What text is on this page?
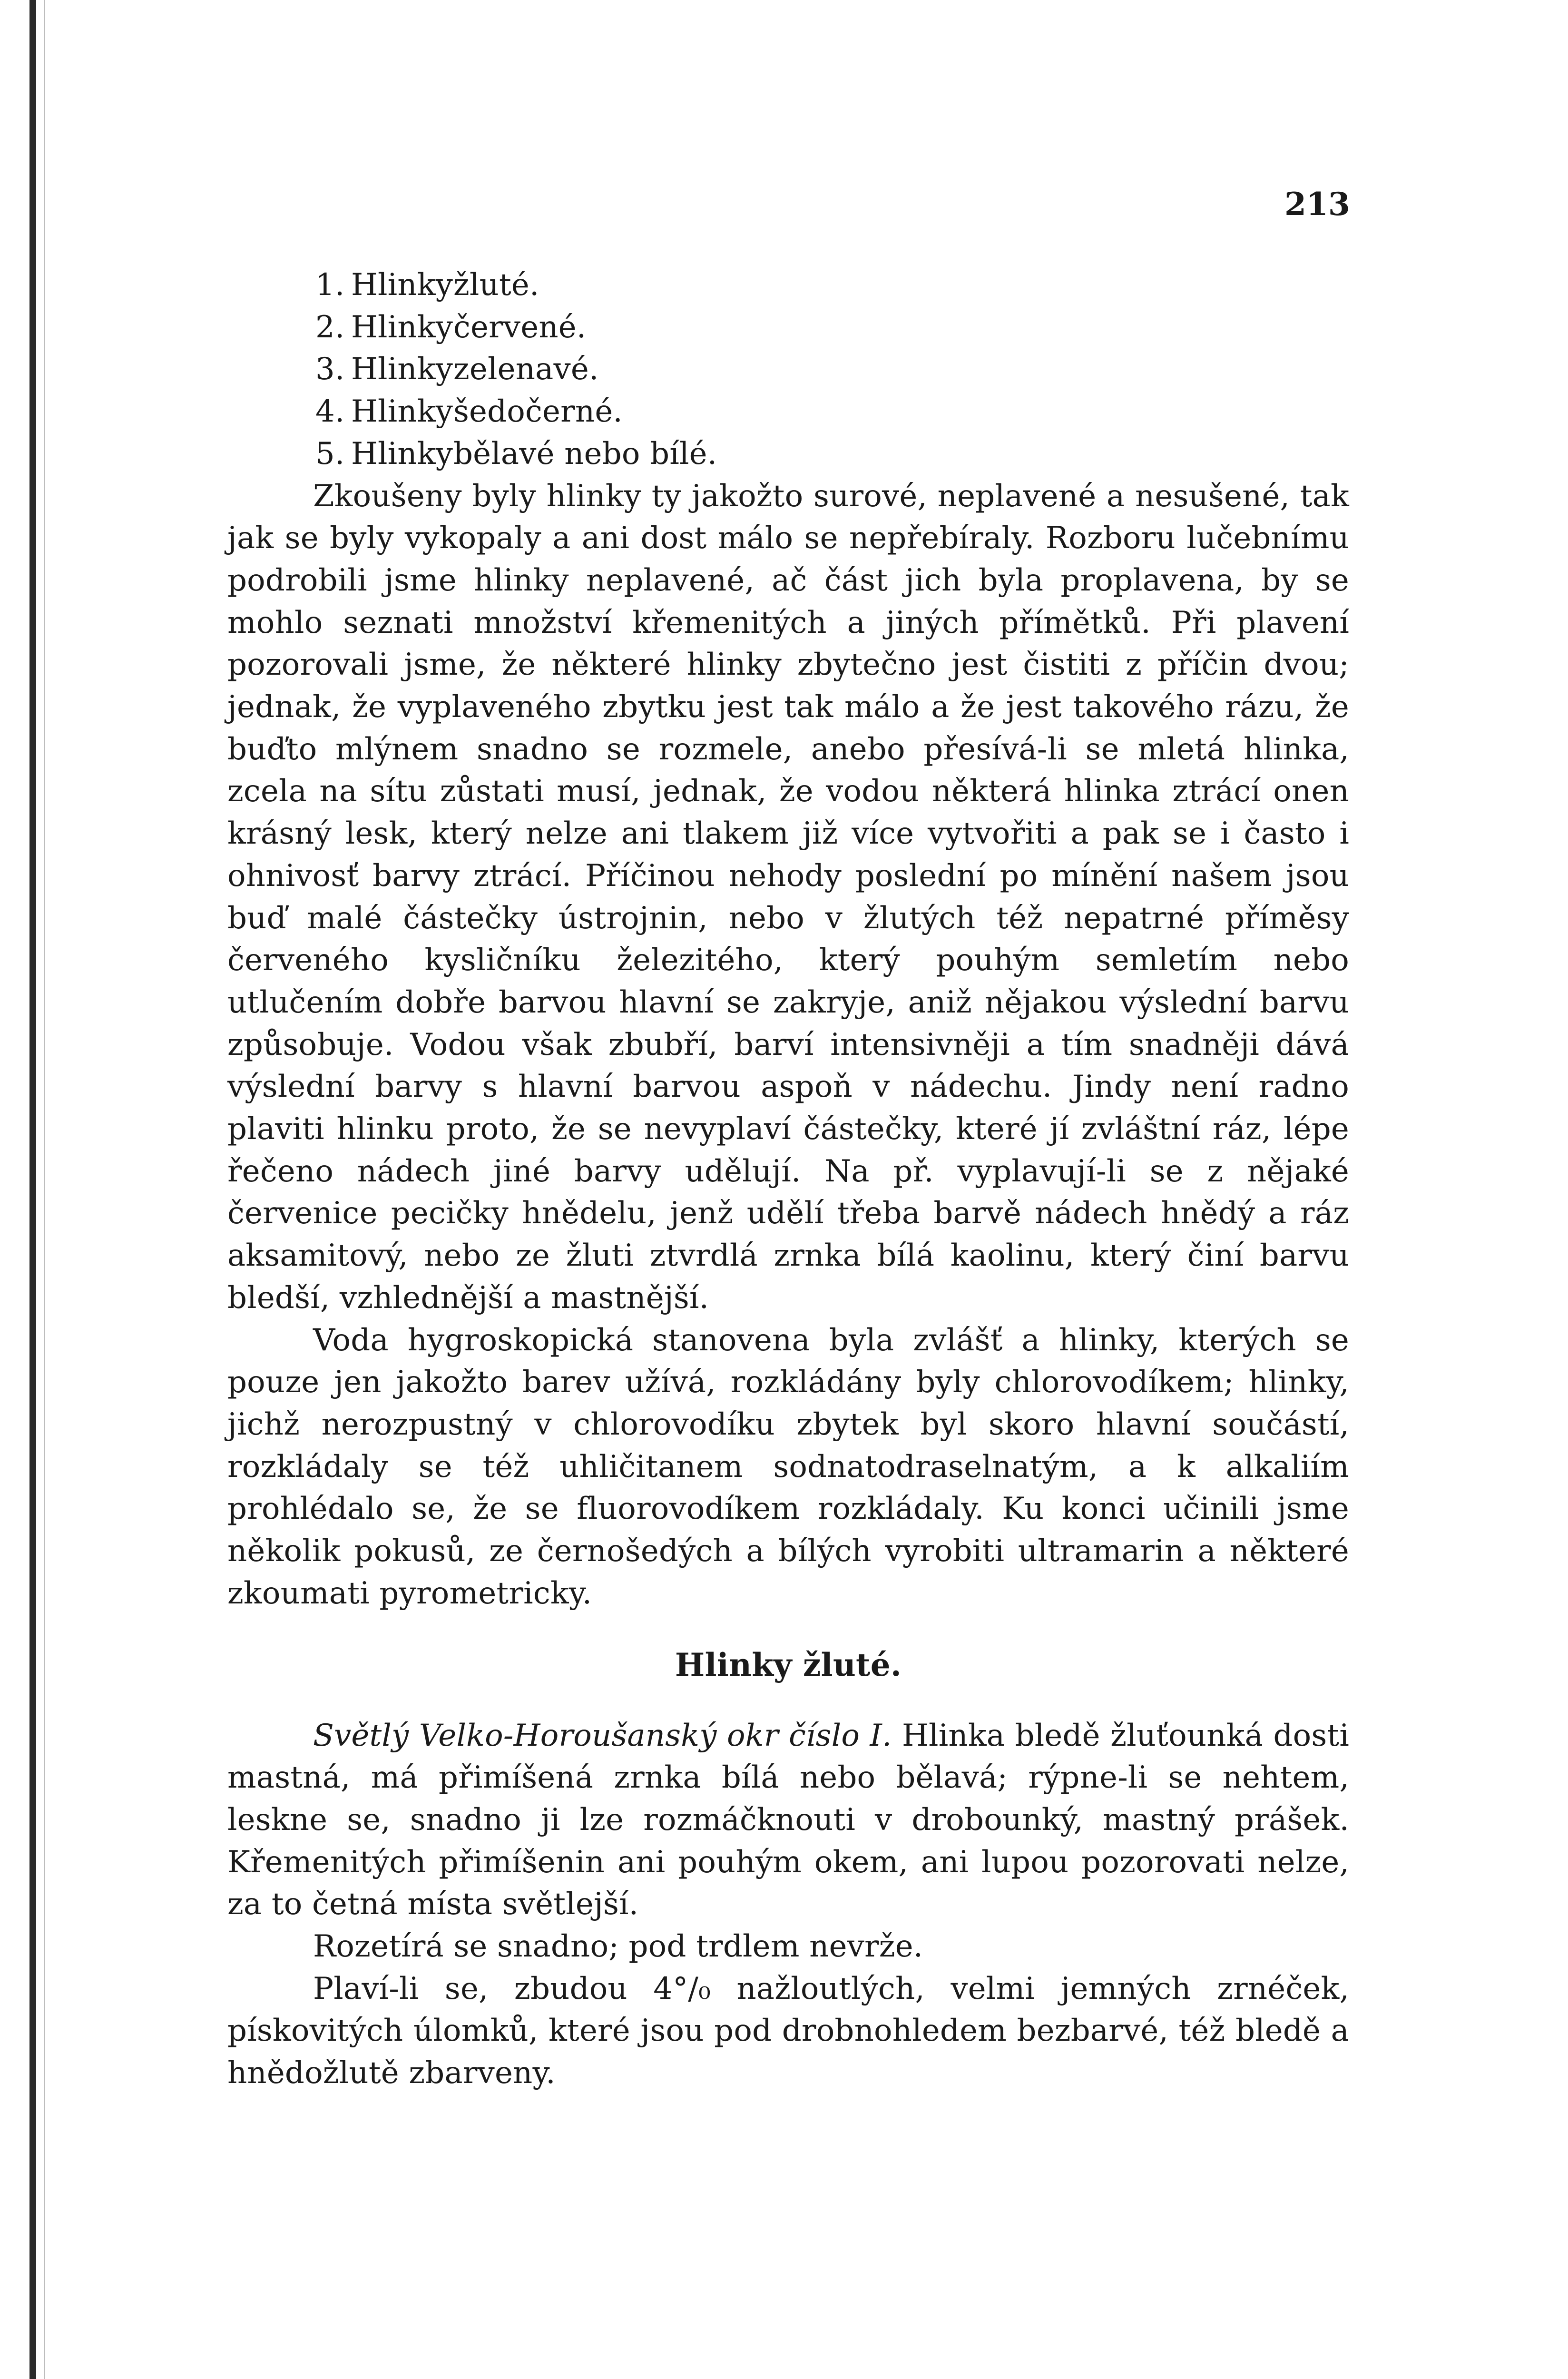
213
1. Hlinkyžluté.
2. Hlinkyčervené.
3. Hlinkyzelenavé.
4. Hlinkyšedočerné.
5. Hlinkybělavé nebo bílé.

Zkoušeny byly hlinky ty jakožto surové, neplavené a nesušené, tak jak se byly vykopaly a ani dost málo se nepřebíraly. Rozboru lučebnímu podrobili jsme hlinky neplavené, ač část jich byla proplavena, by se mohlo seznati množství křemenitých a jiných přímětků. Při plavení pozorovali jsme, že některé hlinky zbytečno jest čistiti z příčin dvou; jednak, že vyplaveného zbytku jest tak málo a že jest takového rázu, že buďto mlýnem snadno se rozmele, anebo přesívá-li se mletá hlinka, zcela na sítu zůstati musí, jednak, že vodou některá hlinka ztrácí onen krásný lesk, který nelze ani tlakem již více vytvořiti a pak se i často i ohnivosť barvy ztrácí. Příčinou nehody poslední po mínění našem jsou buď malé částečky ústrojnin, nebo v žlutých též nepatrné příměsy červeného kysličníku železitého, který pouhým semletím nebo utlučením dobře barvou hlavní se zakryje, aniž nějakou výslední barvu způsobuje. Vodou však zbubří, barví intensivněji a tím snadněji dává výslední barvy s hlavní barvou aspoň v nádechu. Jindy není radno plaviti hlinku proto, že se nevyplaví částečky, které jí zvláštní ráz, lépe řečeno nádech jiné barvy udělují. Na př. vyplavují-li se z nějaké červenice pecičky hnědelu, jenž udělí třeba barvě nádech hnědý a ráz aksamitový, nebo ze žluti ztvrdlá zrnka bílá kaolinu, který činí barvu bledší, vzhlednější a mastnější.

Voda hygroskopická stanovena byla zvlášť a hlinky, kterých se pouze jen jakožto barev užívá, rozkládány byly chlorovodíkem; hlinky, jichž nerozpustný v chlorovodíku zbytek byl skoro hlavní součástí, rozkládaly se též uhličitanem sodnatodraselnatým, a k alkaliím prohlédalo se, že se fluorovodíkem rozkládaly. Ku konci učinili jsme několik pokusů, ze černošedých a bílých vyrobiti ultramarin a některé zkoumati pyrometricky.

Hlinky žluté.

Světlý Velko-Horoušanský okr číslo I. Hlinka bledě žluťounká dosti mastná, má přimíšená zrnka bílá nebo bělavá; rýpne-li se nehtem, leskne se, snadno ji lze rozmáčknouti v drobounký, mastný prášek. Křemenitých přimíšenin ani pouhým okem, ani lupou pozorovati nelze, za to četná místa světlejší.

Rozetírá se snadno; pod trdlem nevrže.

Plaví-li se, zbudou 4°/₀ nažloutlých, velmi jemných zrnéček, pískovitých úlomků, které jsou pod drobnohledem bezbarvé, též bledě a hnědožlutě zbarveny.
